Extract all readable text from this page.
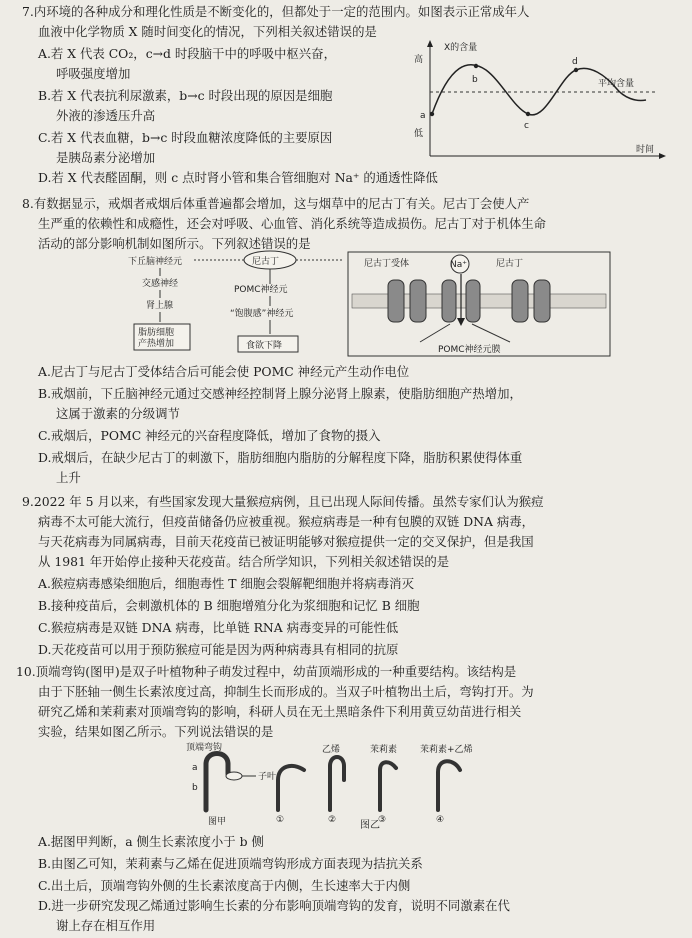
7.内环境的各种成分和理化性质是不断变化的，但都处于一定的范围内。如图表示正常成年人
血液中化学物质 X 随时间变化的情况，下列相关叙述错误的是
A.若 X 代表 CO₂，c→d 时段脑干中的呼吸中枢兴奋，
呼吸强度增加
B.若 X 代表抗利尿激素，b→c 时段出现的原因是细胞
外液的渗透压升高
C.若 X 代表血糖，b→c 时段血糖浓度降低的主要原因
是胰岛素分泌增加
D.若 X 代表醛固酮，则 c 点时肾小管和集合管细胞对 Na⁺ 的通透性降低
X的含量
高
低
平均含量
a
b
c
d
时间
8.有数据显示，戒烟者戒烟后体重普遍都会增加，这与烟草中的尼古丁有关。尼古丁会使人产
生严重的依赖性和成瘾性，还会对呼吸、心血管、消化系统等造成损伤。尼古丁对于机体生命
活动的部分影响机制如图所示。下列叙述错误的是
下丘脑神经元	尼古丁
交感神经
肾上腺
脂肪细胞
产热增加
POMC神经元
“饱腹感”神经元
食欲下降
尼古丁受体	Na⁺	尼古丁
POMC神经元膜
A.尼古丁与尼古丁受体结合后可能会使 POMC 神经元产生动作电位
B.戒烟前，下丘脑神经元通过交感神经控制肾上腺分泌肾上腺素，使脂肪细胞产热增加，
这属于激素的分级调节
C.戒烟后，POMC 神经元的兴奋程度降低，增加了食物的摄入
D.戒烟后，在缺少尼古丁的刺激下，脂肪细胞内脂肪的分解程度下降，脂肪积累使得体重
上升
9.2022 年 5 月以来，有些国家发现大量猴痘病例，且已出现人际间传播。虽然专家们认为猴痘
病毒不太可能大流行，但疫苗储备仍应被重视。猴痘病毒是一种有包膜的双链 DNA 病毒，
与天花病毒为同属病毒，目前天花疫苗已被证明能够对猴痘提供一定的交叉保护，但是我国
从 1981 年开始停止接种天花疫苗。结合所学知识，下列相关叙述错误的是
A.猴痘病毒感染细胞后，细胞毒性 T 细胞会裂解靶细胞并将病毒消灭
B.接种疫苗后，会刺激机体的 B 细胞增殖分化为浆细胞和记忆 B 细胞
C.猴痘病毒是双链 DNA 病毒，比单链 RNA 病毒变异的可能性低
D.天花疫苗可以用于预防猴痘可能是因为两种病毒具有相同的抗原
10.顶端弯钩(图甲)是双子叶植物种子萌发过程中，幼苗顶端形成的一种重要结构。该结构是
由于下胚轴一侧生长素浓度过高，抑制生长而形成的。当双子叶植物出土后，弯钩打开。为
研究乙烯和茉莉素对顶端弯钩的影响，科研人员在无土黑暗条件下利用黄豆幼苗进行相关
实验，结果如图乙所示。下列说法错误的是
顶端弯钩
子叶
a
b
图甲	①
乙烯
②
茉莉素
③
茉莉素+乙烯
④
图乙
A.据图甲判断，a 侧生长素浓度小于 b 侧
B.由图乙可知，茉莉素与乙烯在促进顶端弯钩形成方面表现为拮抗关系
C.出土后，顶端弯钩外侧的生长素浓度高于内侧，生长速率大于内侧
D.进一步研究发现乙烯通过影响生长素的分布影响顶端弯钩的发育，说明不同激素在代
谢上存在相互作用
